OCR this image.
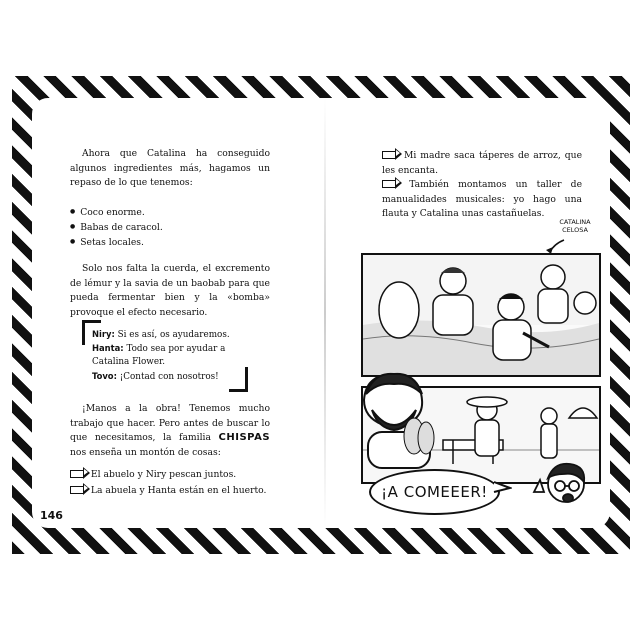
Ahora que Catalina ha conseguido algunos ingredientes más, hagamos un repaso de lo que tenemos:
● Coco enorme.
● Babas de caracol.
● Setas locales.
Solo nos falta la cuerda, el excremento de lémur y la savia de un baobab para que pueda fermentar bien y la «bomba» provoque el efecto necesario.
Niry: Si es así, os ayudaremos.
Hanta: Todo sea por ayudar a Catalina Flower.
Tovo: ¡Contad con nosotros!
¡Manos a la obra! Tenemos mucho trabajo que hacer. Pero antes de buscar lo que necesitamos, la familia CHISPAS nos enseña un montón de cosas:
El abuelo y Niry pescan juntos.
La abuela y Hanta están en el huerto.
146
Mi madre saca táperes de arroz, que les encanta.
También montamos un taller de manualidades musicales: yo hago una flauta y Catalina unas castañuelas.
CATALINA CELOSA
¡A COMEEER!
